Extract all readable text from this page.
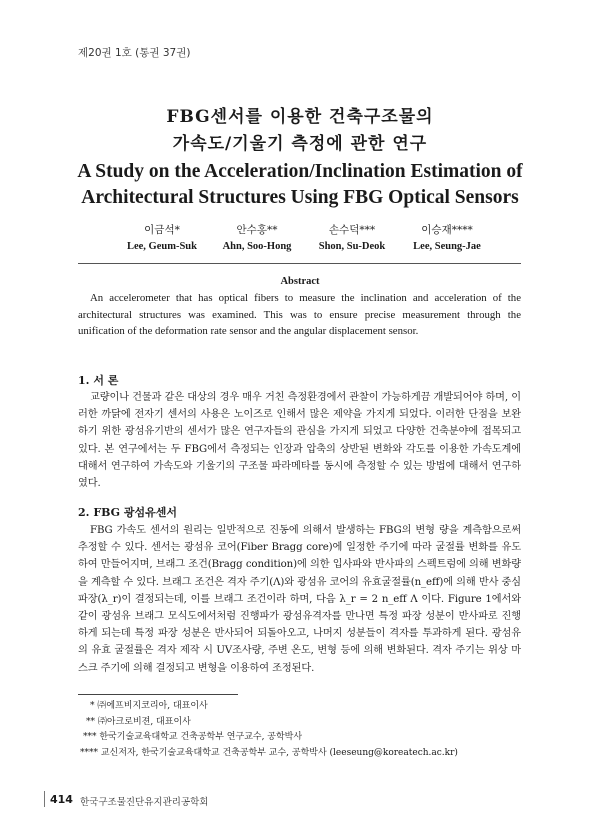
제20권 1호 (통권 37권)
FBG센서를 이용한 건축구조물의
가속도/기울기 측정에 관한 연구
A Study on the Acceleration/Inclination Estimation of
Architectural Structures Using FBG Optical Sensors
이금석*
Lee, Geum-Suk
안수홍**
Ahn, Soo-Hong
손수덕***
Shon, Su-Deok
이승재****
Lee, Seung-Jae
Abstract
An accelerometer that has optical fibers to measure the inclination and acceleration of the architectural structures was examined. This was to ensure precise measurement through the unification of the deformation rate sensor and the angular displacement sensor.
1. 서 론
교량이나 건물과 같은 대상의 경우 매우 거친 측정환경에서 관찰이 가능하게끔 개발되어야 하며, 이러한 까닭에 전자기 센서의 사용은 노이즈로 인해서 많은 제약을 가지게 되었다. 이러한 단점을 보완하기 위한 광섬유기반의 센서가 많은 연구자들의 관심을 가지게 되었고 다양한 건축분야에 접목되고 있다. 본 연구에서는 두 FBG에서 측정되는 인장과 압축의 상반된 변화와 각도를 이용한 가속도계에 대해서 연구하여 가속도와 기울기의 구조물 파라메타를 동시에 측정할 수 있는 방법에 대해서 연구하였다.
2. FBG 광섬유센서
FBG 가속도 센서의 원리는 일반적으로 진동에 의해서 발생하는 FBG의 변형 량을 계측함으로써 추정할 수 있다. 센서는 광섬유 코어(Fiber Bragg core)에 일정한 주기에 따라 굴절률 변화를 유도하여 만들어지며, 브래그 조건(Bragg condition)에 의한 입사파와 반사파의 스펙트럼에 의해 변화량을 계측할 수 있다. 브래그 조건은 격자 주기(Λ)와 광섬유 코어의 유효굴절률(n_eff)에 의해 반사 중심파장(λ_r)이 결정되는데, 이를 브래그 조건이라 하며, 다음 λ_r = 2 n_eff Λ 이다. Figure 1에서와 같이 광섬유 브래그 모식도에서처럼 진행파가 광섬유격자를 만나면 특정 파장 성분이 반사파로 진행하게 되는데 특정 파장 성분은 반사되어 되돌아오고, 나머지 성분들이 격자를 투과하게 된다. 광섬유의 유효 굴절률은 격자 제작 시 UV조사량, 주변 온도, 변형 등에 의해 변화된다. 격자 주기는 위상 마스크 주기에 의해 결정되고 변형을 이용하여 조정된다.
* ㈜에프비지코리아, 대표이사
** ㈜아크로비젼, 대표이사
*** 한국기술교육대학교 건축공학부 연구교수, 공학박사
**** 교신저자, 한국기술교육대학교 건축공학부 교수, 공학박사 (leeseung@koreatech.ac.kr)
414 한국구조물진단유지관리공학회
